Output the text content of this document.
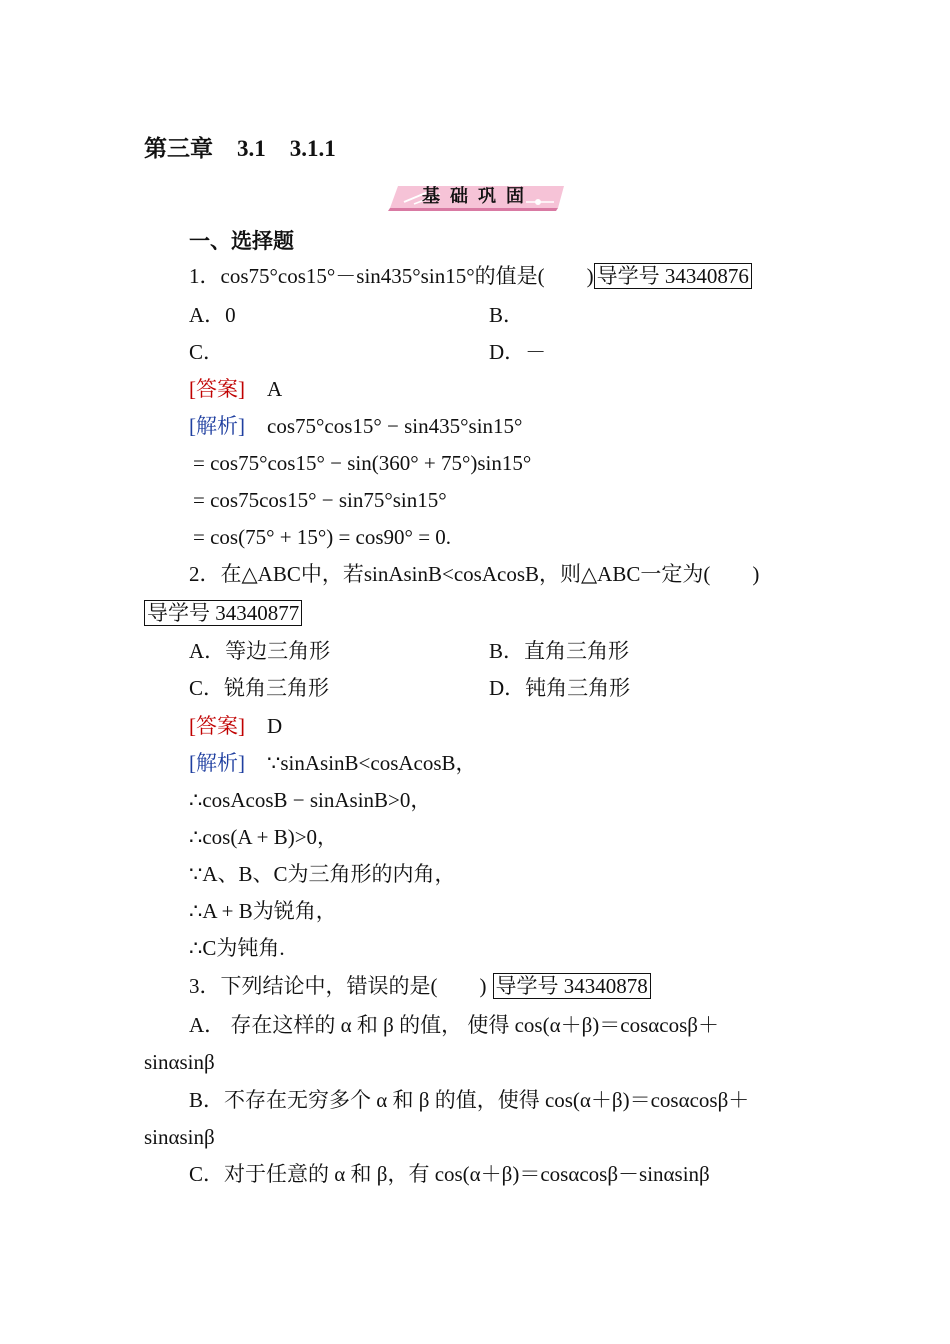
第三章 3.1 3.1.1
基础巩固
一、选择题
1．cos75°cos15°－sin435°sin15°的值是(　　) 导学号 34340876
A．0	B．
C．	D．－
[答案] A
[解析] cos75°cos15° − sin435°sin15°
= cos75°cos15° − sin(360° + 75°)sin15°
= cos75cos15° − sin75°sin15°
= cos(75° + 15°) = cos90° = 0.
2．在△ABC中，若sinAsinB<cosAcosB，则△ABC一定为(　　)
导学号 34340877
A．等边三角形	B．直角三角形
C．锐角三角形	D．钝角三角形
[答案] D
[解析] ∵sinAsinB<cosAcosB，
∴cosAcosB − sinAsinB>0，
∴cos(A + B)>0，
∵A、B、C为三角形的内角，
∴A + B为锐角，
∴C为钝角.
3．下列结论中，错误的是(　　) 导学号 34340878
A． 存在这样的 α 和 β 的值， 使得 cos(α＋β)＝cosαcosβ＋
sinαsinβ
B．不存在无穷多个 α 和 β 的值，使得 cos(α＋β)＝cosαcosβ＋
sinαsinβ
C．对于任意的 α 和 β，有 cos(α＋β)＝cosαcosβ－sinαsinβ
